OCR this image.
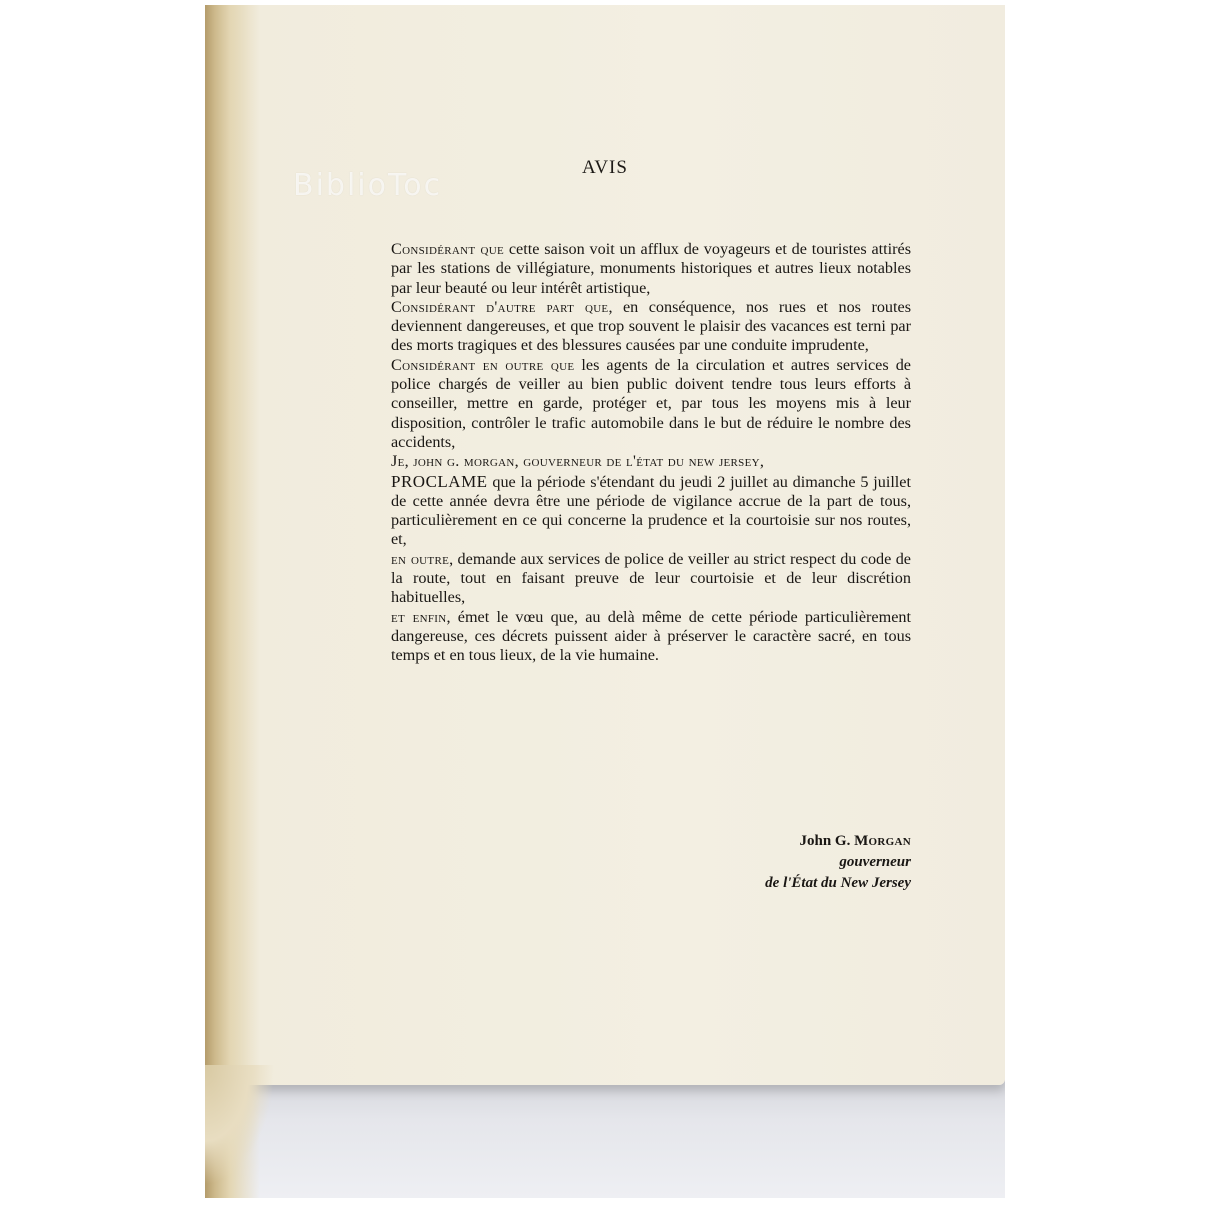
BiblioToc
AVIS

Considérant que cette saison voit un afflux de voyageurs et de touristes attirés par les stations de villégiature, monuments historiques et autres lieux notables par leur beauté ou leur intérêt artistique,

Considérant d'autre part que, en conséquence, nos rues et nos routes deviennent dangereuses, et que trop souvent le plaisir des vacances est terni par des morts tragiques et des blessures causées par une conduite imprudente,

Considérant en outre que les agents de la circulation et autres services de police chargés de veiller au bien public doivent tendre tous leurs efforts à conseiller, mettre en garde, protéger et, par tous les moyens mis à leur disposition, contrôler le trafic automobile dans le but de réduire le nombre des accidents,

Je, john g. morgan, gouverneur de l'état du new jersey,

PROCLAME que la période s'étendant du jeudi 2 juillet au dimanche 5 juillet de cette année devra être une période de vigilance accrue de la part de tous, particulièrement en ce qui concerne la prudence et la courtoisie sur nos routes, et,

en outre, demande aux services de police de veiller au strict respect du code de la route, tout en faisant preuve de leur courtoisie et de leur discrétion habituelles,

et enfin, émet le vœu que, au delà même de cette période particulièrement dangereuse, ces décrets puissent aider à préserver le caractère sacré, en tous temps et en tous lieux, de la vie humaine.

John G. Morgan
gouverneur
de l'État du New Jersey
